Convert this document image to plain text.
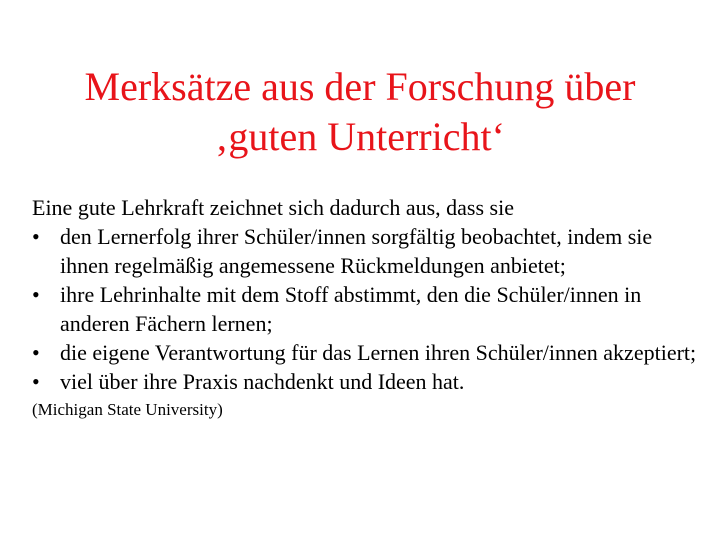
Merksätze aus der Forschung über
‚guten Unterricht‘

Eine gute Lehrkraft zeichnet sich dadurch aus, dass sie

• den Lernerfolg ihrer Schüler/innen sorgfältig beobachtet, indem sie ihnen regelmäßig angemessene Rückmeldungen anbietet;
• ihre Lehrinhalte mit dem Stoff abstimmt, den die Schüler/innen in anderen Fächern lernen;
• die eigene Verantwortung für das Lernen ihren Schüler/innen akzeptiert;
• viel über ihre Praxis nachdenkt und Ideen hat.
(Michigan State University)
